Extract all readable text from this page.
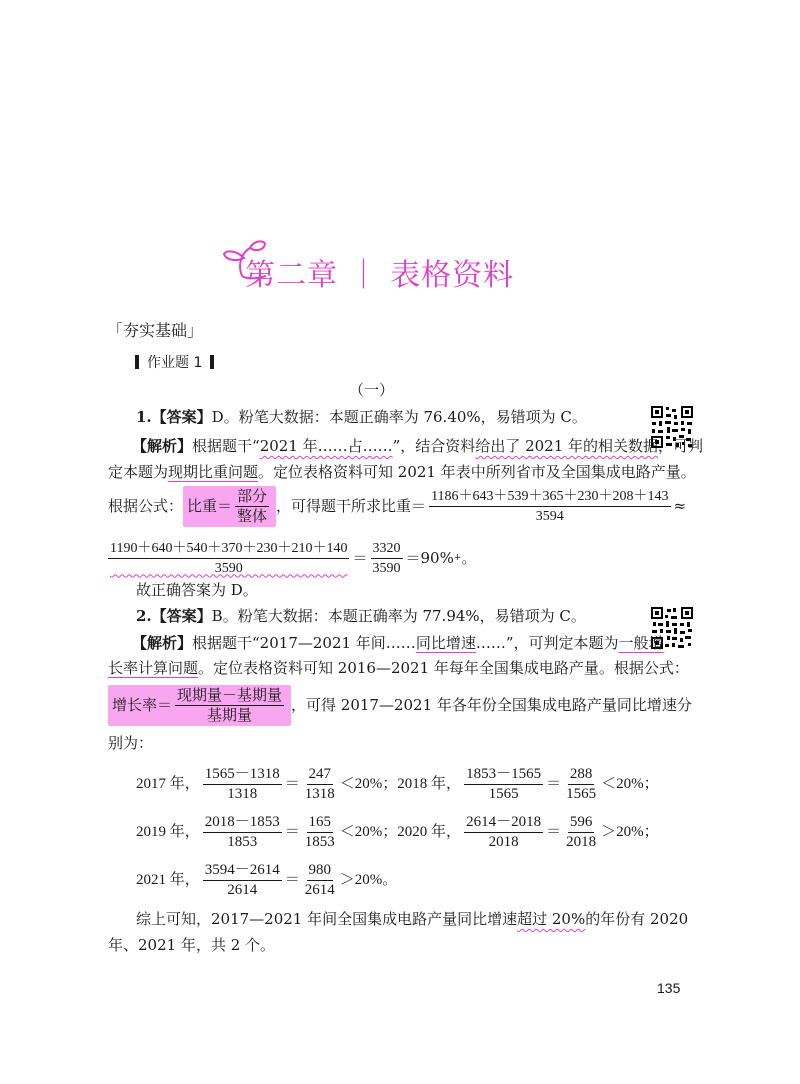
第二章 ｜ 表格资料
「夯实基础」
作业题 1
（一）
1.【答案】D。粉笔大数据：本题正确率为 76.40%，易错项为 C。
【解析】根据题干“2021 年……占……”，结合资料给出了 2021 年的相关数据，可判
定本题为现期比重问题。定位表格资料可知 2021 年表中所列省市及全国集成电路产量。
根据公式： 比重＝ $\frac{\text{部分}}{\text{整体}}$ ，可得题干所求比重＝ $\frac{1186+643+539+365+230+208+143}{3594}$ ≈
$\frac{1190+640+540+370+230+210+140}{3590} = \frac{3320}{3590} =90\%$ + 。
故正确答案为 D。
2.【答案】B。粉笔大数据：本题正确率为 77.94%，易错项为 C。
【解析】根据题干“2017—2021 年间……同比增速……”，可判定本题为一般增
长率计算问题。定位表格资料可知 2016—2021 年每年全国集成电路产量。根据公式：
增长率＝ $\frac{\text{现期量－基期量}}{\text{基期量}}$ ，可得 2017—2021 年各年份全国集成电路产量同比增速分
别为：
2017 年， $\frac{1565-1318}{1318} = \frac{247}{1318} <20\%$； 2018 年， $\frac{1853-1565}{1565} = \frac{288}{1565} <20\%$；
2019 年， $\frac{2018-1853}{1853} = \frac{165}{1853} <20\%$； 2020 年， $\frac{2614-2018}{2018} = \frac{596}{2018} >20\%$；
2021 年， $\frac{3594-2614}{2614} = \frac{980}{2614} >20\%$。
综上可知，2017—2021 年间全国集成电路产量同比增速超过 20%的年份有 2020
年、2021 年，共 2 个。
135
